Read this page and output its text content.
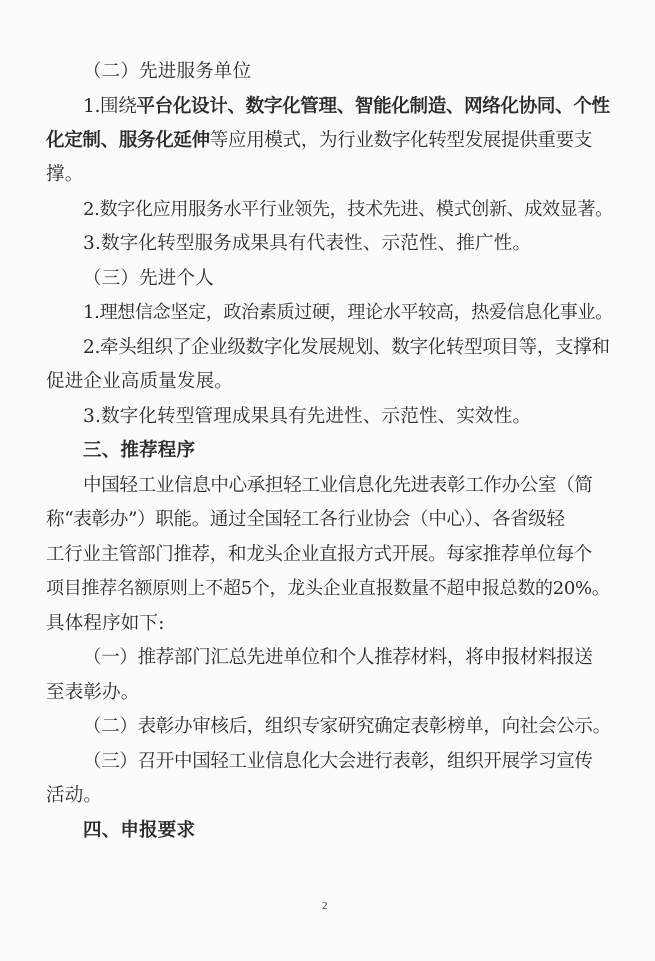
（二）先进服务单位
1.围绕平台化设计、数字化管理、智能化制造、网络化协同、个性
化定制、服务化延伸等应用模式，为行业数字化转型发展提供重要支
撑。
2.数字化应用服务水平行业领先，技术先进、模式创新、成效显著。
3.数字化转型服务成果具有代表性、示范性、推广性。
（三）先进个人
1.理想信念坚定，政治素质过硬，理论水平较高，热爱信息化事业。
2.牵头组织了企业级数字化发展规划、数字化转型项目等，支撑和
促进企业高质量发展。
3.数字化转型管理成果具有先进性、示范性、实效性。
三、推荐程序
中国轻工业信息中心承担轻工业信息化先进表彰工作办公室（简
称“表彰办”）职能。通过全国轻工各行业协会（中心）、各省级轻
工行业主管部门推荐，和龙头企业直报方式开展。每家推荐单位每个
项目推荐名额原则上不超5个，龙头企业直报数量不超申报总数的20%。
具体程序如下:
（一）推荐部门汇总先进单位和个人推荐材料，将申报材料报送
至表彰办。
（二）表彰办审核后，组织专家研究确定表彰榜单，向社会公示。
（三）召开中国轻工业信息化大会进行表彰，组织开展学习宣传
活动。
四、申报要求
2
